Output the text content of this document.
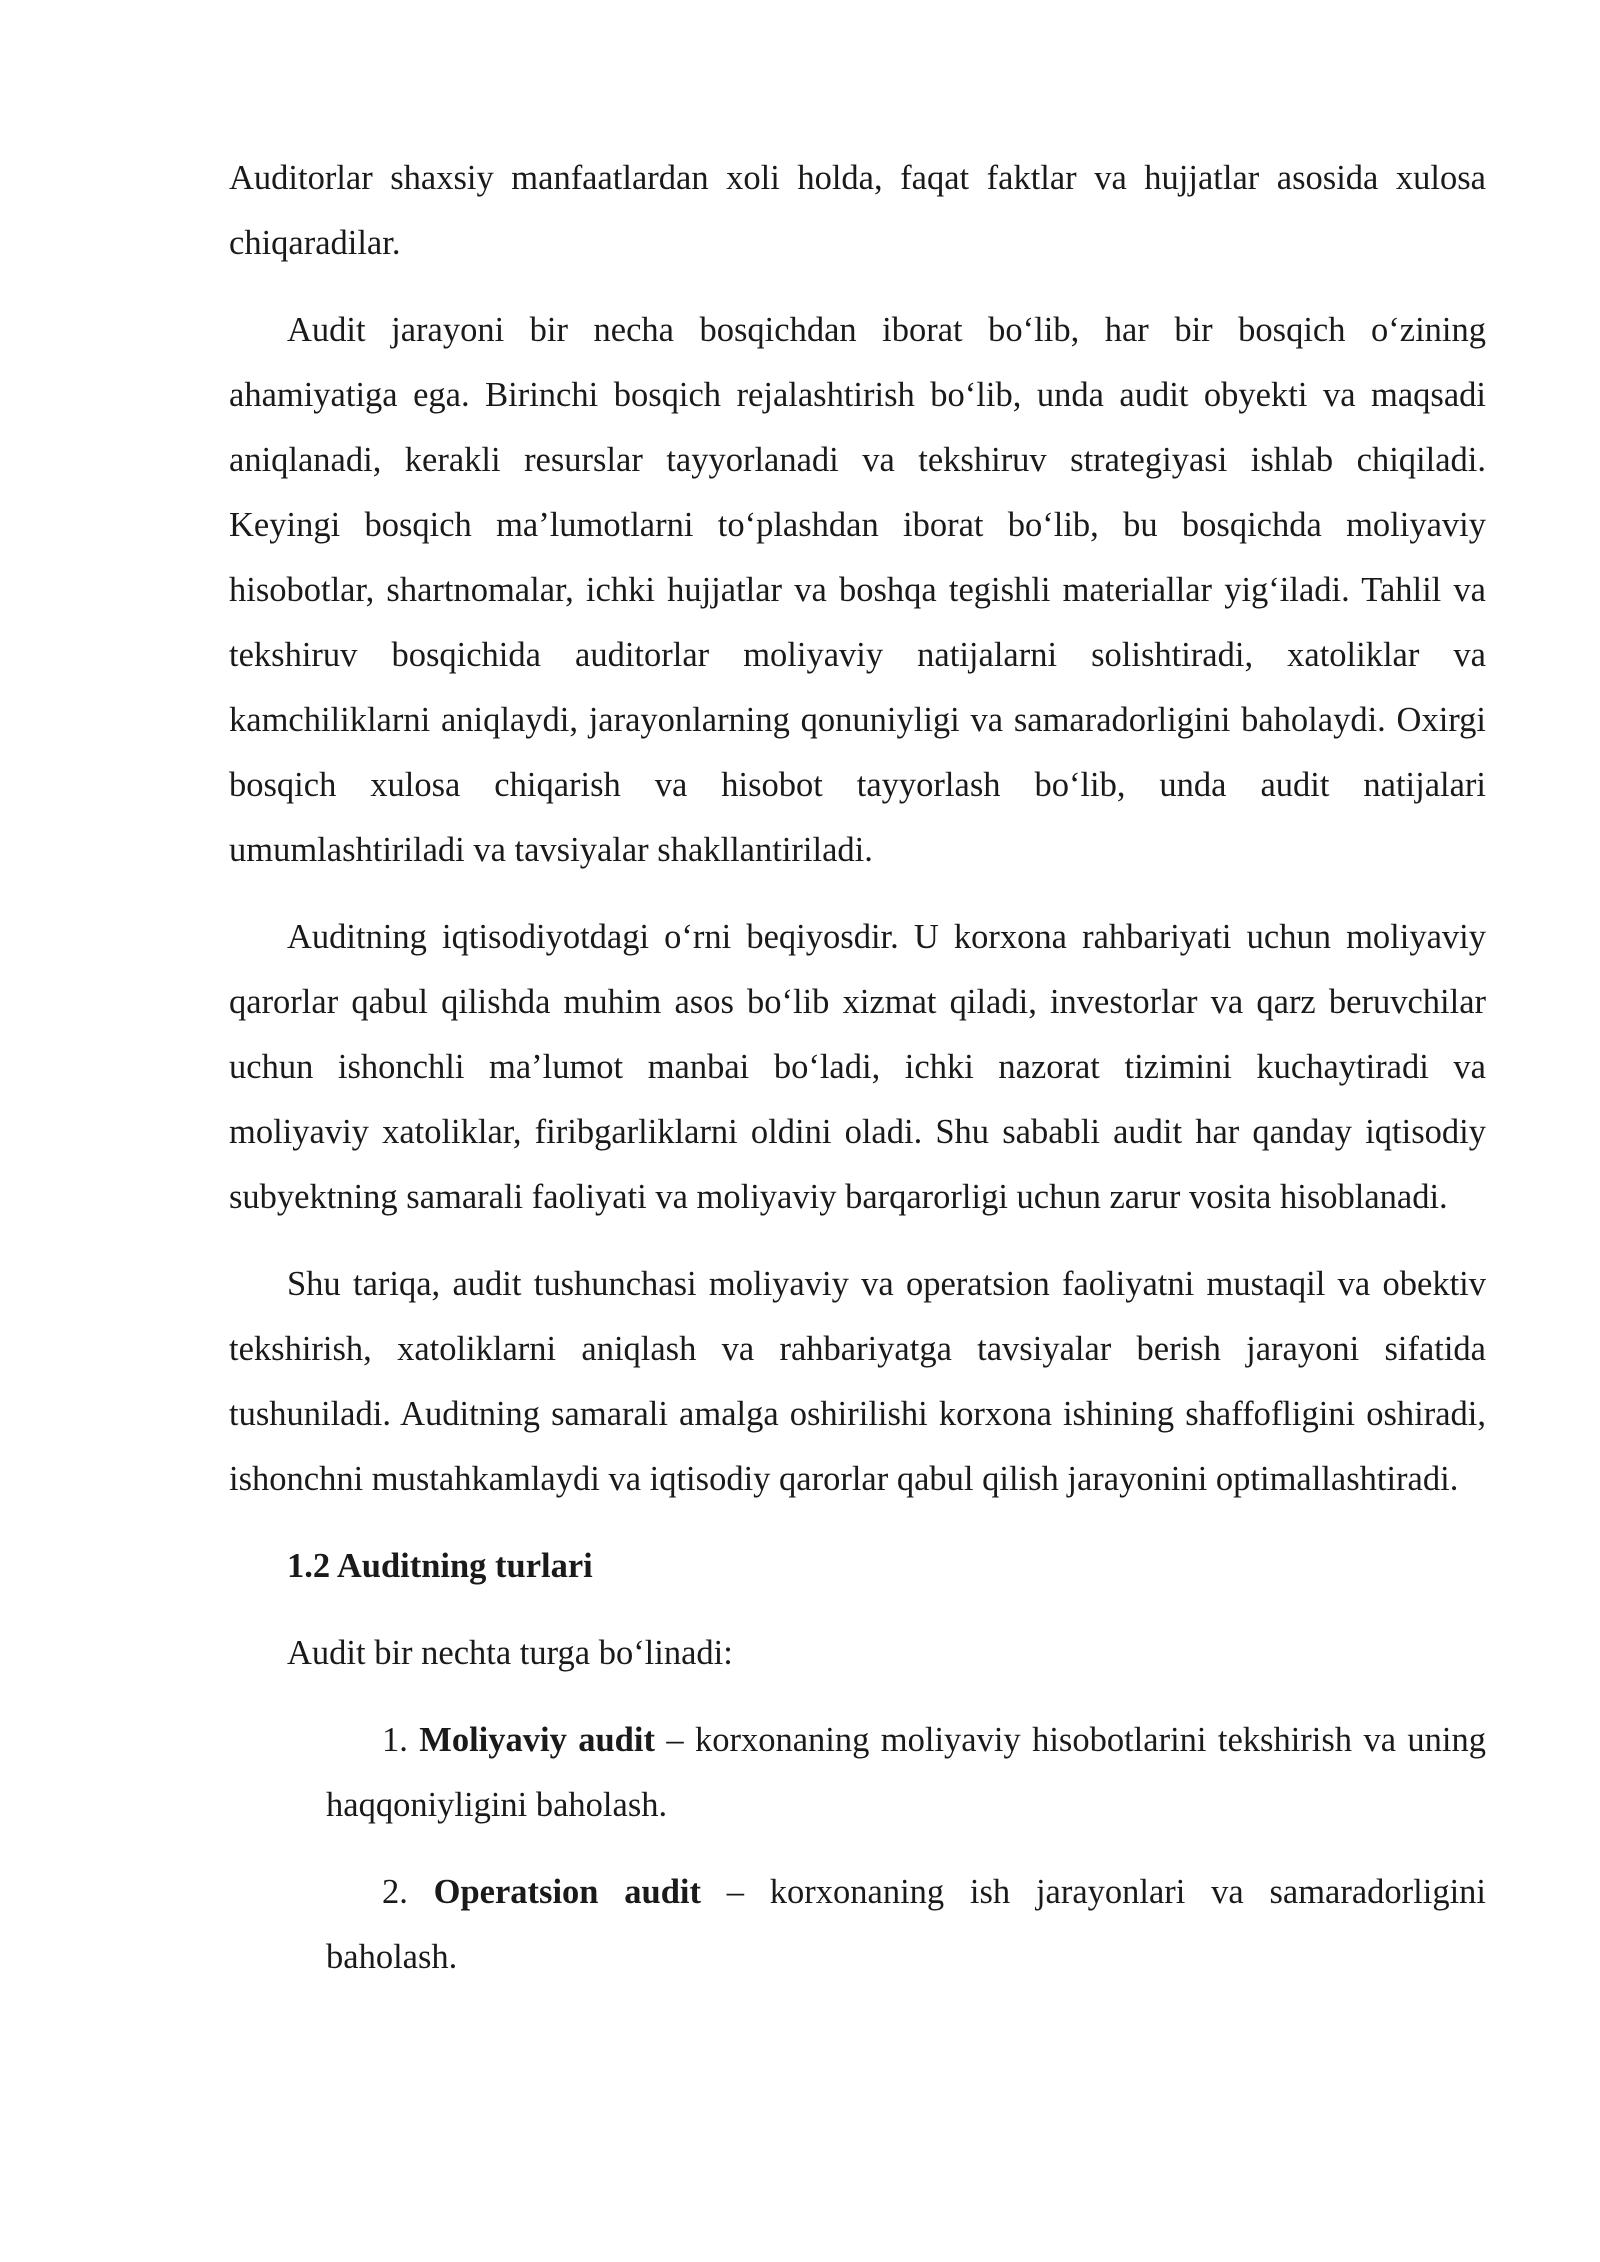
Auditorlar shaxsiy manfaatlardan xoli holda, faqat faktlar va hujjatlar asosida xulosa chiqaradilar.

Audit jarayoni bir necha bosqichdan iborat bo‘lib, har bir bosqich o‘zining ahamiyatiga ega. Birinchi bosqich rejalashtirish bo‘lib, unda audit obyekti va maqsadi aniqlanadi, kerakli resurslar tayyorlanadi va tekshiruv strategiyasi ishlab chiqiladi. Keyingi bosqich ma’lumotlarni to‘plashdan iborat bo‘lib, bu bosqichda moliyaviy hisobotlar, shartnomalar, ichki hujjatlar va boshqa tegishli materiallar yig‘iladi. Tahlil va tekshiruv bosqichida auditorlar moliyaviy natijalarni solishtiradi, xatoliklar va kamchiliklarni aniqlaydi, jarayonlarning qonuniyligi va samaradorligini baholaydi. Oxirgi bosqich xulosa chiqarish va hisobot tayyorlash bo‘lib, unda audit natijalari umumlashtiriladi va tavsiyalar shakllantiriladi.

Auditning iqtisodiyotdagi o‘rni beqiyosdir. U korxona rahbariyati uchun moliyaviy qarorlar qabul qilishda muhim asos bo‘lib xizmat qiladi, investorlar va qarz beruvchilar uchun ishonchli ma’lumot manbai bo‘ladi, ichki nazorat tizimini kuchaytiradi va moliyaviy xatoliklar, firibgarliklarni oldini oladi. Shu sababli audit har qanday iqtisodiy subyektning samarali faoliyati va moliyaviy barqarorligi uchun zarur vosita hisoblanadi.

Shu tariqa, audit tushunchasi moliyaviy va operatsion faoliyatni mustaqil va obektiv tekshirish, xatoliklarni aniqlash va rahbariyatga tavsiyalar berish jarayoni sifatida tushuniladi. Auditning samarali amalga oshirilishi korxona ishining shaffofligini oshiradi, ishonchni mustahkamlaydi va iqtisodiy qarorlar qabul qilish jarayonini optimallashtiradi.

1.2 Auditning turlari
Audit bir nechta turga bo‘linadi:
1. Moliyaviy audit – korxonaning moliyaviy hisobotlarini tekshirish va uning haqqoniyligini baholash.
2. Operatsion audit – korxonaning ish jarayonlari va samaradorligini baholash.
